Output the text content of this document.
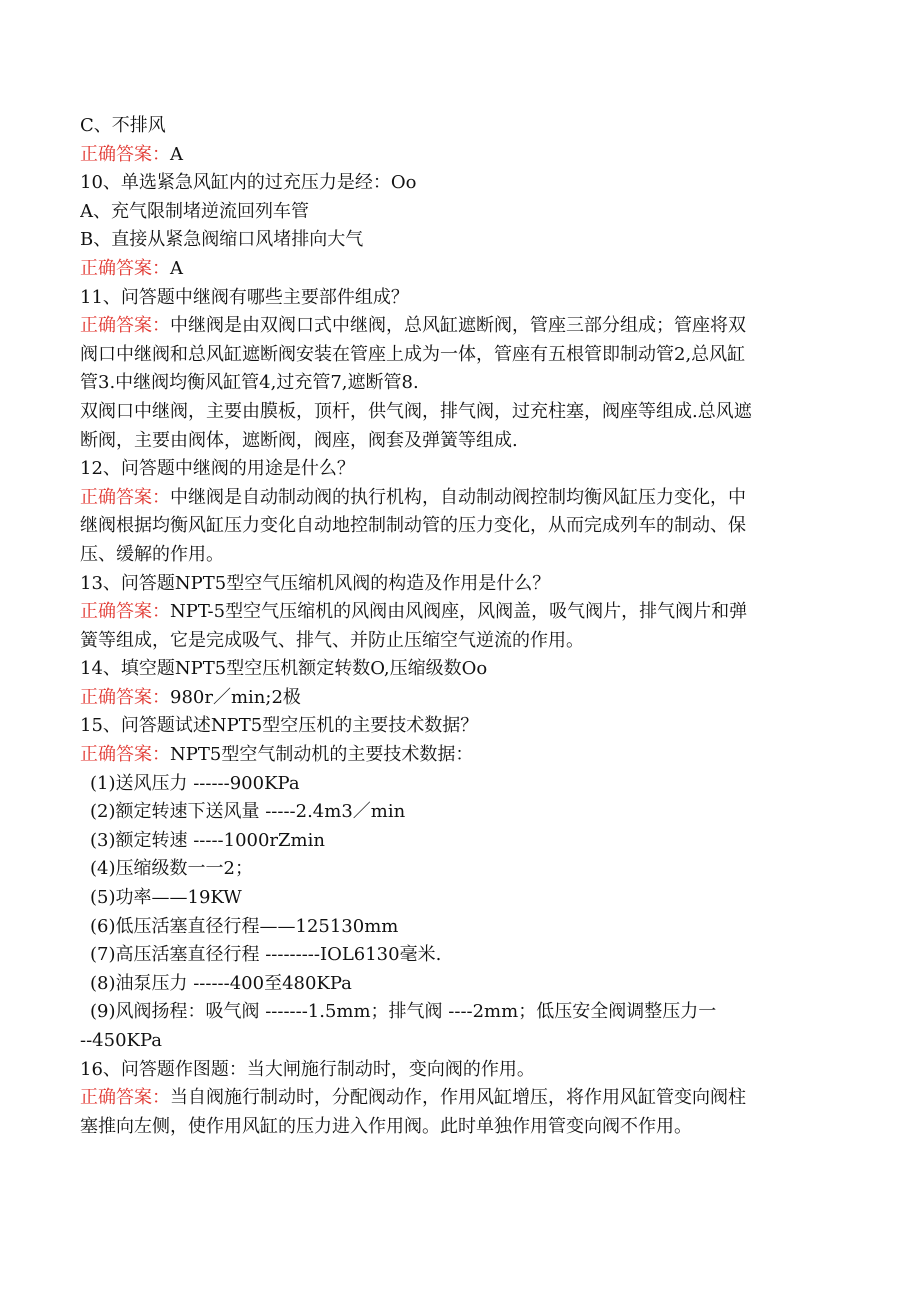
C、不排风
正确答案：A
10、单选紧急风缸内的过充压力是经：Oo
A、充气限制堵逆流回列车管
B、直接从紧急阀缩口风堵排向大气
正确答案：A
11、问答题中继阀有哪些主要部件组成？
正确答案：中继阀是由双阀口式中继阀，总风缸遮断阀，管座三部分组成；管座将双
阀口中继阀和总风缸遮断阀安装在管座上成为一体，管座有五根管即制动管2,总风缸
管3.中继阀均衡风缸管4,过充管7,遮断管8.
双阀口中继阀，主要由膜板，顶杆，供气阀，排气阀，过充柱塞，阀座等组成.总风遮
断阀，主要由阀体，遮断阀，阀座，阀套及弹簧等组成.
12、问答题中继阀的用途是什么？
正确答案：中继阀是自动制动阀的执行机构，自动制动阀控制均衡风缸压力变化，中
继阀根据均衡风缸压力变化自动地控制制动管的压力变化，从而完成列车的制动、保
压、缓解的作用。
13、问答题NPT5型空气压缩机风阀的构造及作用是什么？
正确答案：NPT-5型空气压缩机的风阀由风阀座，风阀盖，吸气阀片，排气阀片和弹
簧等组成，它是完成吸气、排气、并防止压缩空气逆流的作用。
14、填空题NPT5型空压机额定转数O,压缩级数Oo
正确答案：980r／min;2极
15、问答题试述NPT5型空压机的主要技术数据？
正确答案：NPT5型空气制动机的主要技术数据：
(1)送风压力 ------900KPa
(2)额定转速下送风量 -----2.4m3／min
(3)额定转速 -----1000rZmin
(4)压缩级数一一2；
(5)功率——19KW
(6)低压活塞直径行程——125130mm
(7)高压活塞直径行程 ---------IOL6130毫米.
(8)油泵压力 ------400至480KPa
(9)风阀扬程：吸气阀 -------1.5mm；排气阀 ----2mm；低压安全阀调整压力一
--450KPa
16、问答题作图题：当大闸施行制动时，变向阀的作用。
正确答案：当自阀施行制动时，分配阀动作，作用风缸增压，将作用风缸管变向阀柱
塞推向左侧，使作用风缸的压力进入作用阀。此时单独作用管变向阀不作用。
